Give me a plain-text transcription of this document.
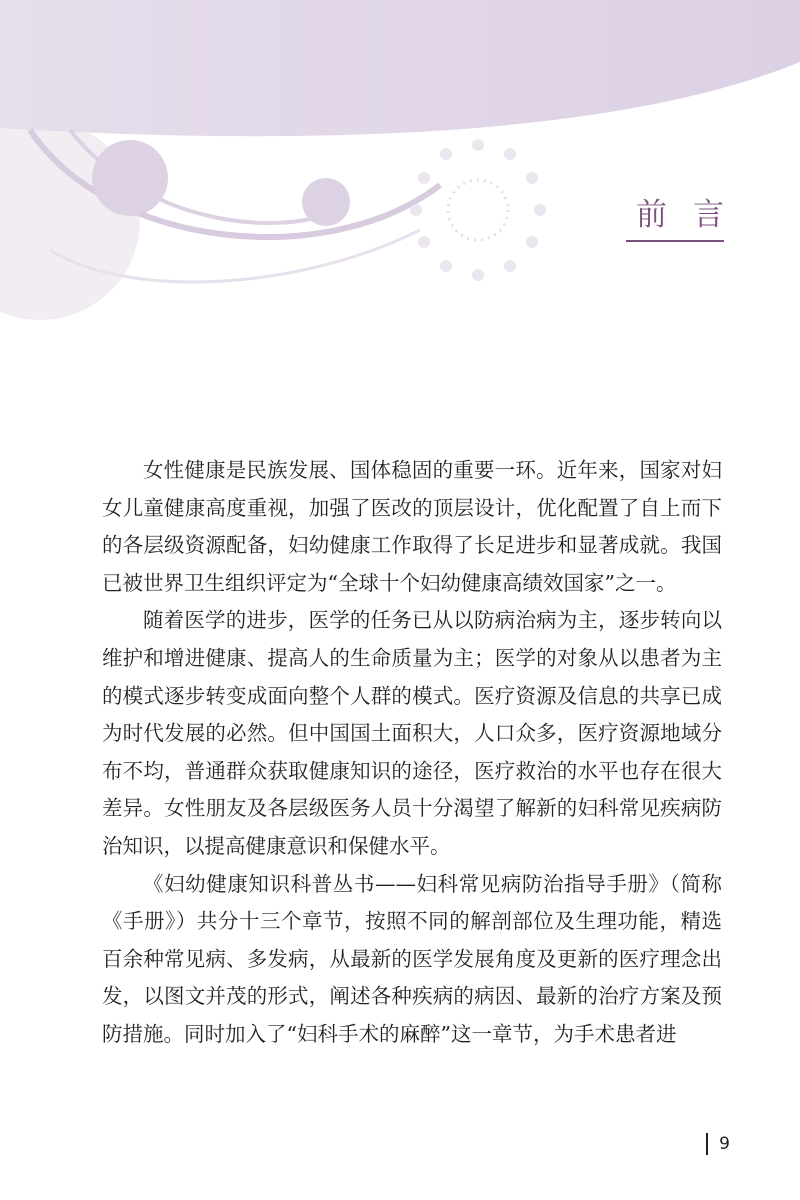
前言

女性健康是民族发展、国体稳固的重要一环。近年来，国家对妇女儿童健康高度重视，加强了医改的顶层设计，优化配置了自上而下的各层级资源配备，妇幼健康工作取得了长足进步和显著成就。我国已被世界卫生组织评定为“全球十个妇幼健康高绩效国家”之一。

随着医学的进步，医学的任务已从以防病治病为主，逐步转向以维护和增进健康、提高人的生命质量为主；医学的对象从以患者为主的模式逐步转变成面向整个人群的模式。医疗资源及信息的共享已成为时代发展的必然。但中国国土面积大，人口众多，医疗资源地域分布不均，普通群众获取健康知识的途径，医疗救治的水平也存在很大差异。女性朋友及各层级医务人员十分渴望了解新的妇科常见疾病防治知识，以提高健康意识和保健水平。

《妇幼健康知识科普丛书——妇科常见病防治指导手册》（简称《手册》）共分十三个章节，按照不同的解剖部位及生理功能，精选百余种常见病、多发病，从最新的医学发展角度及更新的医疗理念出发，以图文并茂的形式，阐述各种疾病的病因、最新的治疗方案及预防措施。同时加入了“妇科手术的麻醉”这一章节，为手术患者进

9
